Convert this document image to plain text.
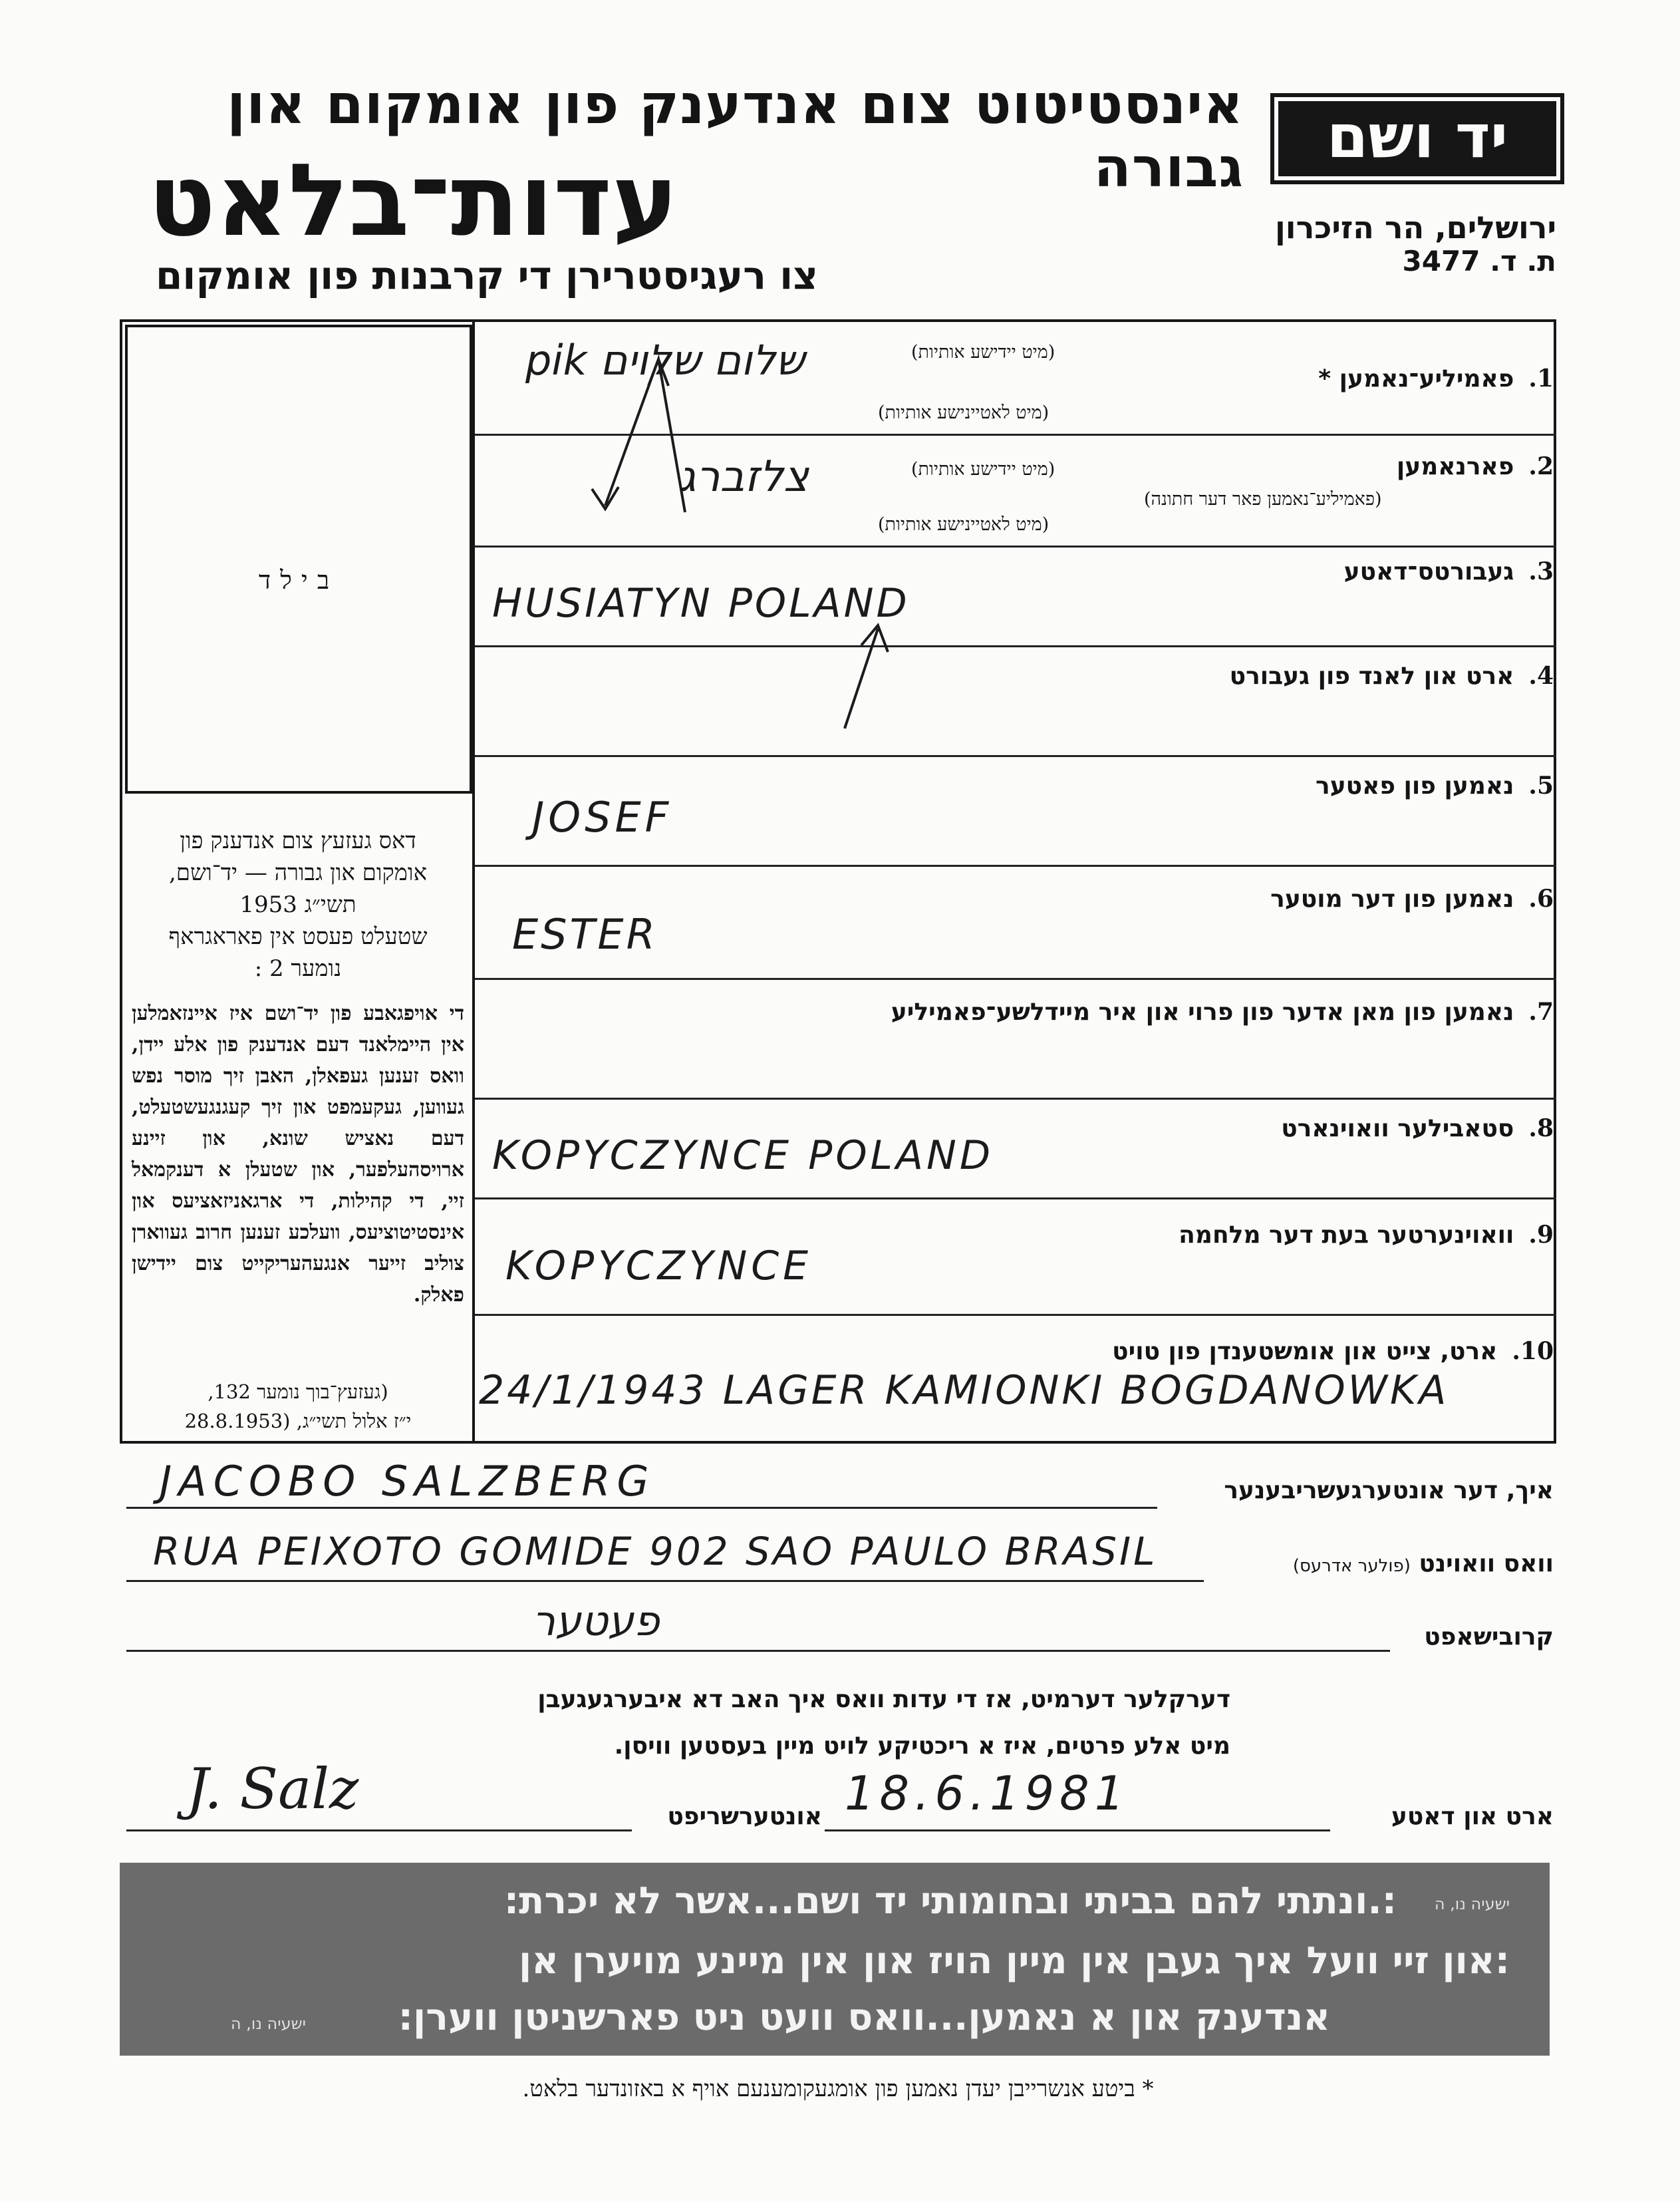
אינסטיטוט צום אנדענק פון אומקום און גבורה
עדות־בלאט
צו רעגיסטרירן די קרבנות פון אומקום
יד ושם
ירושלים, הר הזיכרון
ת. ד. 3477
בילד
1.פאמיליע־נאמען *
(מיט יידישע אותיות)
(מיט לאטיינישע אותיות)
שלום שלוים pik
2.פארנאמען
(פאמיליע־נאמען פאר דער חתונה)
(מיט יידישע אותיות)
(מיט לאטיינישע אותיות)
צלזברג
3.געבורטס־דאטע
HUSIATYN POLAND
4.ארט און לאנד פון געבורט
5.נאמען פון פאטער
JOSEF
6.נאמען פון דער מוטער
ESTER
7.נאמען פון מאן אדער פון פרוי און איר מיידלשע־פאמיליע
8.סטאבילער וואוינארט
KOPYCZYNCE POLAND
9.וואוינערטער בעת דער מלחמה
KOPYCZYNCE
10.ארט, צייט און אומשטענדן פון טויט
24/1/1943 LAGER KAMIONKI BOGDANOWKA
דאס געזעץ צום אנדענק פון
אומקום און גבורה — יד־ושם,
תשי״ג 1953
שטעלט פעסט אין פאראגראף
נומער 2 :
די אויפגאבע פון יד־ושם איז איינזאמלען אין היימלאנד דעם אנדענק פון אלע יידן, וואס זענען געפאלן, האבן זיך מוסר נפש געווען, געקעמפט און זיך קעגנגעשטעלט, דעם נאציש שונא, און זיינע ארויסהעלפער, און שטעלן א דענקמאל זיי, די קהילות, די ארגאניזאציעס און אינסטיטוציעס, וועלכע זענען חרוב געווארן צוליב זייער אנגעהעריקייט צום יידישן פאלק.
(געזעץ־בוך נומער 132,
י״ז אלול תשי״ג, (28.8.1953
איך, דער אונטערגעשריבענער
JACOBO SALZBERG
וואס וואוינט (פולער אדרעס)
RUA PEIXOTO GOMIDE 902 SAO PAULO BRASIL
קרובישאפט
פעטער
דערקלער דערמיט, אז די עדות וואס איך האב דא איבערגעגעבן
מיט אלע פרטים, איז א ריכטיקע לויט מיין בעסטען וויסן.
ארט און דאטע
18.6.1981
אונטערשריפט
J. Salz
:.ונתתי להם בביתי ובחומותי יד ושם...אשר לא יכרת: ישעיה נו, ה
:און זיי וועל איך געבן אין מיין הויז און אין מיינע מויערן אן
אנדענק און א נאמען...וואס וועט ניט פארשניטן ווערן:
ישעיה נו, ה
* ביטע אנשרייבן יעדן נאמען פון אומגעקומענעם אויף א באזונדער בלאט.
